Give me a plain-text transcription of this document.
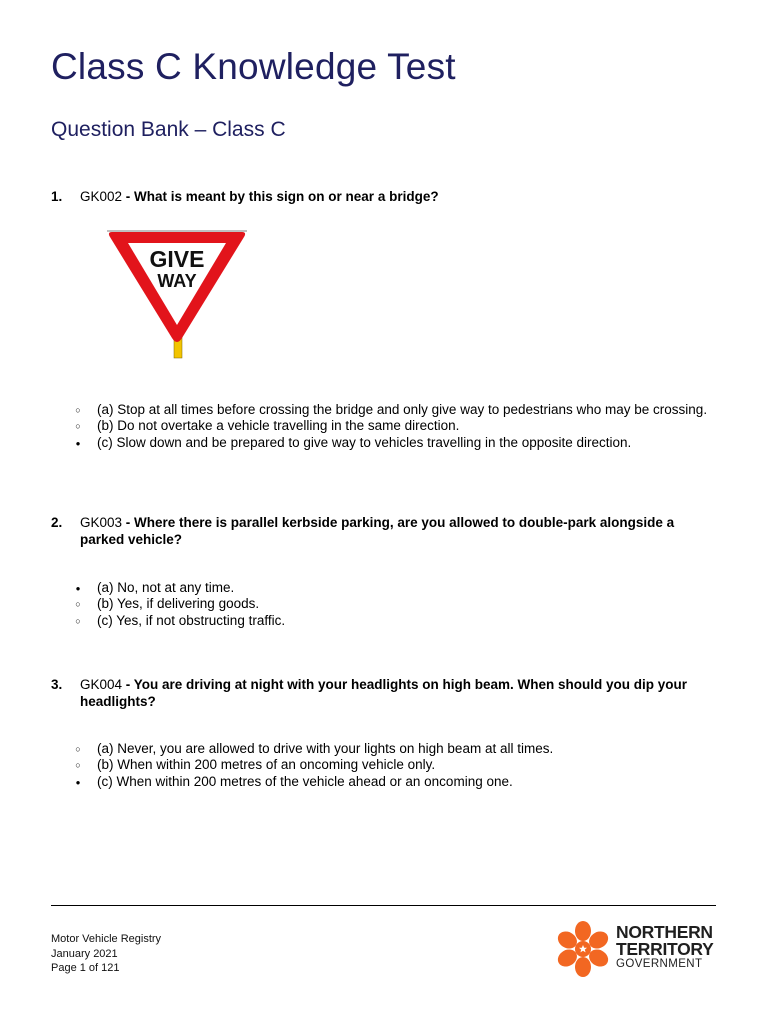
Class C Knowledge Test
Question Bank – Class C
1.	GK002 - What is meant by this sign on or near a bridge?
GIVE
WAY
○
(a) Stop at all times before crossing the bridge and only give way to pedestrians who may be crossing.
○
(b) Do not overtake a vehicle travelling in the same direction.
●
(c) Slow down and be prepared to give way to vehicles travelling in the opposite direction.
2.	GK003 - Where there is parallel kerbside parking, are you allowed to double-park alongside a parked vehicle?
●
(a) No, not at any time.
○
(b) Yes, if delivering goods.
○
(c) Yes, if not obstructing traffic.
3.	GK004 - You are driving at night with your headlights on high beam. When should you dip your headlights?
○
(a) Never, you are allowed to drive with your lights on high beam at all times.
○
(b) When within 200 metres of an oncoming vehicle only.
●
(c) When within 200 metres of the vehicle ahead or an oncoming one.
Motor Vehicle Registry
January 2021
Page 1 of 121
NORTHERN
TERRITORY
GOVERNMENT
